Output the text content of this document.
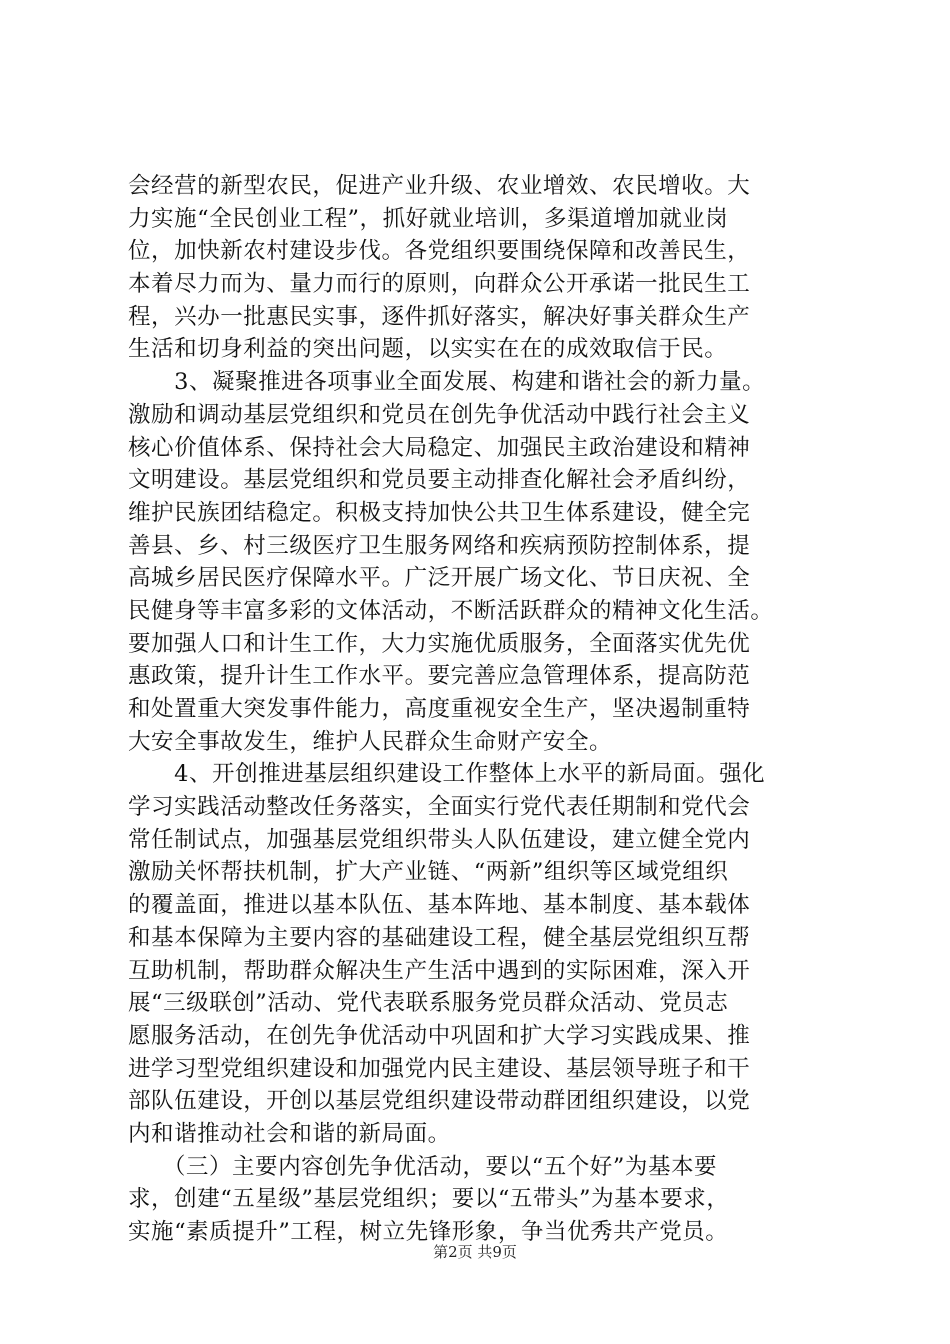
会经营的新型农民，促进产业升级、农业增效、农民增收。大
力实施“全民创业工程”，抓好就业培训，多渠道增加就业岗
位，加快新农村建设步伐。各党组织要围绕保障和改善民生，
本着尽力而为、量力而行的原则，向群众公开承诺一批民生工
程，兴办一批惠民实事，逐件抓好落实，解决好事关群众生产
生活和切身利益的突出问题，以实实在在的成效取信于民。
　　3、凝聚推进各项事业全面发展、构建和谐社会的新力量。
激励和调动基层党组织和党员在创先争优活动中践行社会主义
核心价值体系、保持社会大局稳定、加强民主政治建设和精神
文明建设。基层党组织和党员要主动排查化解社会矛盾纠纷，
维护民族团结稳定。积极支持加快公共卫生体系建设，健全完
善县、乡、村三级医疗卫生服务网络和疾病预防控制体系，提
高城乡居民医疗保障水平。广泛开展广场文化、节日庆祝、全
民健身等丰富多彩的文体活动，不断活跃群众的精神文化生活。
要加强人口和计生工作，大力实施优质服务，全面落实优先优
惠政策，提升计生工作水平。要完善应急管理体系，提高防范
和处置重大突发事件能力，高度重视安全生产，坚决遏制重特
大安全事故发生，维护人民群众生命财产安全。
　　4、开创推进基层组织建设工作整体上水平的新局面。强化
学习实践活动整改任务落实，全面实行党代表任期制和党代会
常任制试点，加强基层党组织带头人队伍建设，建立健全党内
激励关怀帮扶机制，扩大产业链、“两新”组织等区域党组织
的覆盖面，推进以基本队伍、基本阵地、基本制度、基本载体
和基本保障为主要内容的基础建设工程，健全基层党组织互帮
互助机制，帮助群众解决生产生活中遇到的实际困难，深入开
展“三级联创”活动、党代表联系服务党员群众活动、党员志
愿服务活动，在创先争优活动中巩固和扩大学习实践成果、推
进学习型党组织建设和加强党内民主建设、基层领导班子和干
部队伍建设，开创以基层党组织建设带动群团组织建设，以党
内和谐推动社会和谐的新局面。
　　（三）主要内容创先争优活动，要以“五个好”为基本要
求，创建“五星级”基层党组织；要以“五带头”为基本要求，
实施“素质提升”工程，树立先锋形象，争当优秀共产党员。
第2页 共9页
